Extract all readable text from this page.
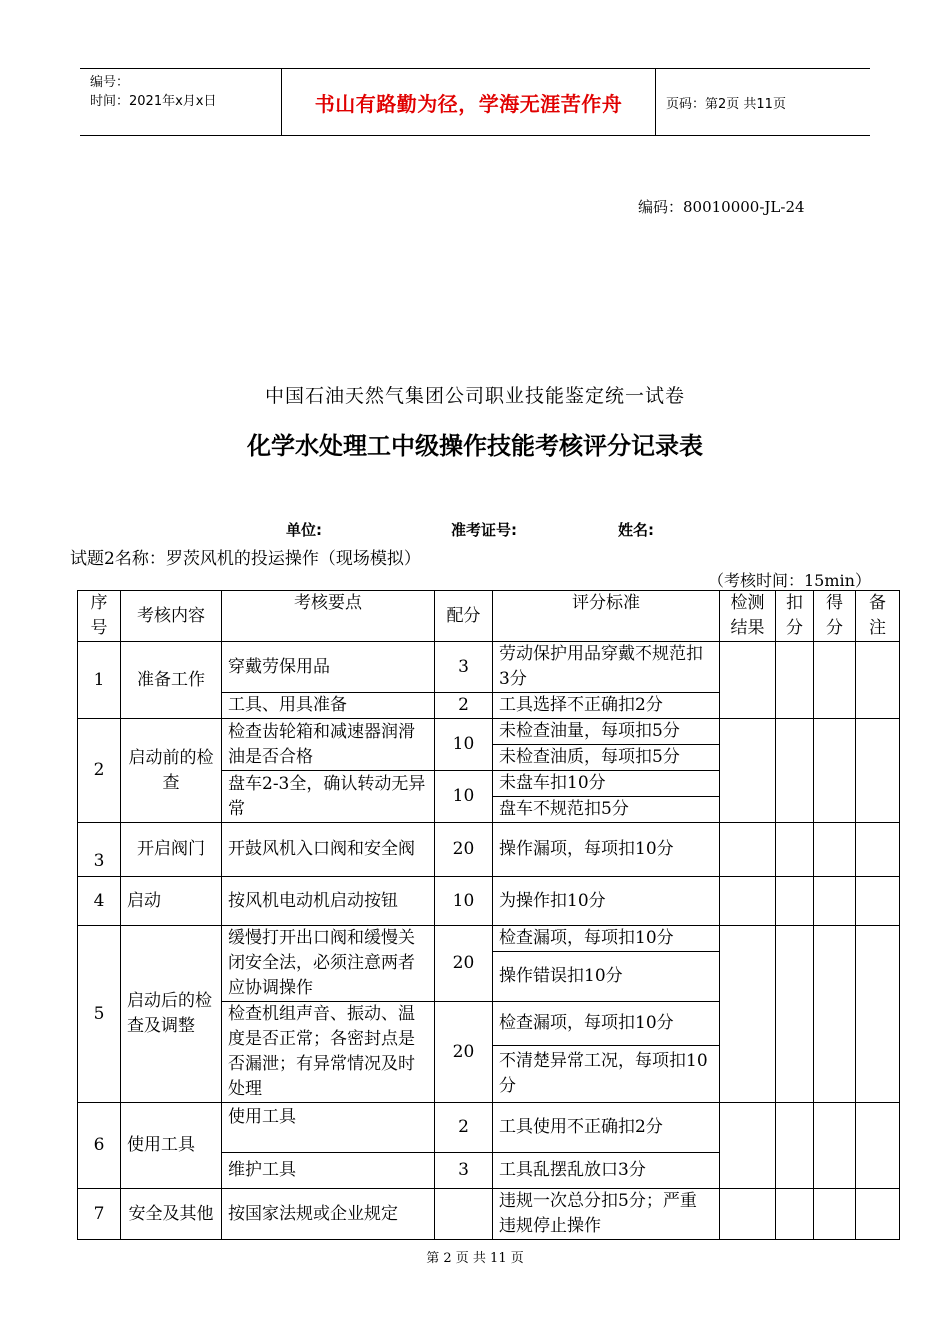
编号：
时间：2021年x月x日	书山有路勤为径，学海无涯苦作舟	页码：第2页 共11页
编码：80010000-JL-24
中国石油天然气集团公司职业技能鉴定统一试卷
化学水处理工中级操作技能考核评分记录表
单位:	准考证号:	姓名:
试题2名称：罗茨风机的投运操作（现场模拟）
（考核时间：15min）
序号	考核内容	考核要点	配分	评分标准	检测结果	扣分	得分	备注
1	准备工作	穿戴劳保用品	3	劳动保护用品穿戴不规范扣3分				
		工具、用具准备	2	工具选择不正确扣2分				
2	启动前的检查	检查齿轮箱和减速器润滑油是否合格	10	未检查油量，每项扣5分				
				未检查油质，每项扣5分				
		盘车2-3全，确认转动无异常	10	未盘车扣10分				
				盘车不规范扣5分				
3	开启阀门	开鼓风机入口阀和安全阀	20	操作漏项，每项扣10分				
4	启动	按风机电动机启动按钮	10	为操作扣10分				
5	启动后的检查及调整	缓慢打开出口阀和缓慢关闭安全法，必须注意两者应协调操作	20	检查漏项，每项扣10分				
				操作错误扣10分				
		检查机组声音、振动、温度是否正常；各密封点是否漏泄；有异常情况及时处理	20	检查漏项，每项扣10分				
				不清楚异常工况，每项扣10分				
6	使用工具	使用工具	2	工具使用不正确扣2分				
		维护工具	3	工具乱摆乱放口3分				
7	安全及其他	按国家法规或企业规定		违规一次总分扣5分；严重违规停止操作				
第 2 页 共 11 页
